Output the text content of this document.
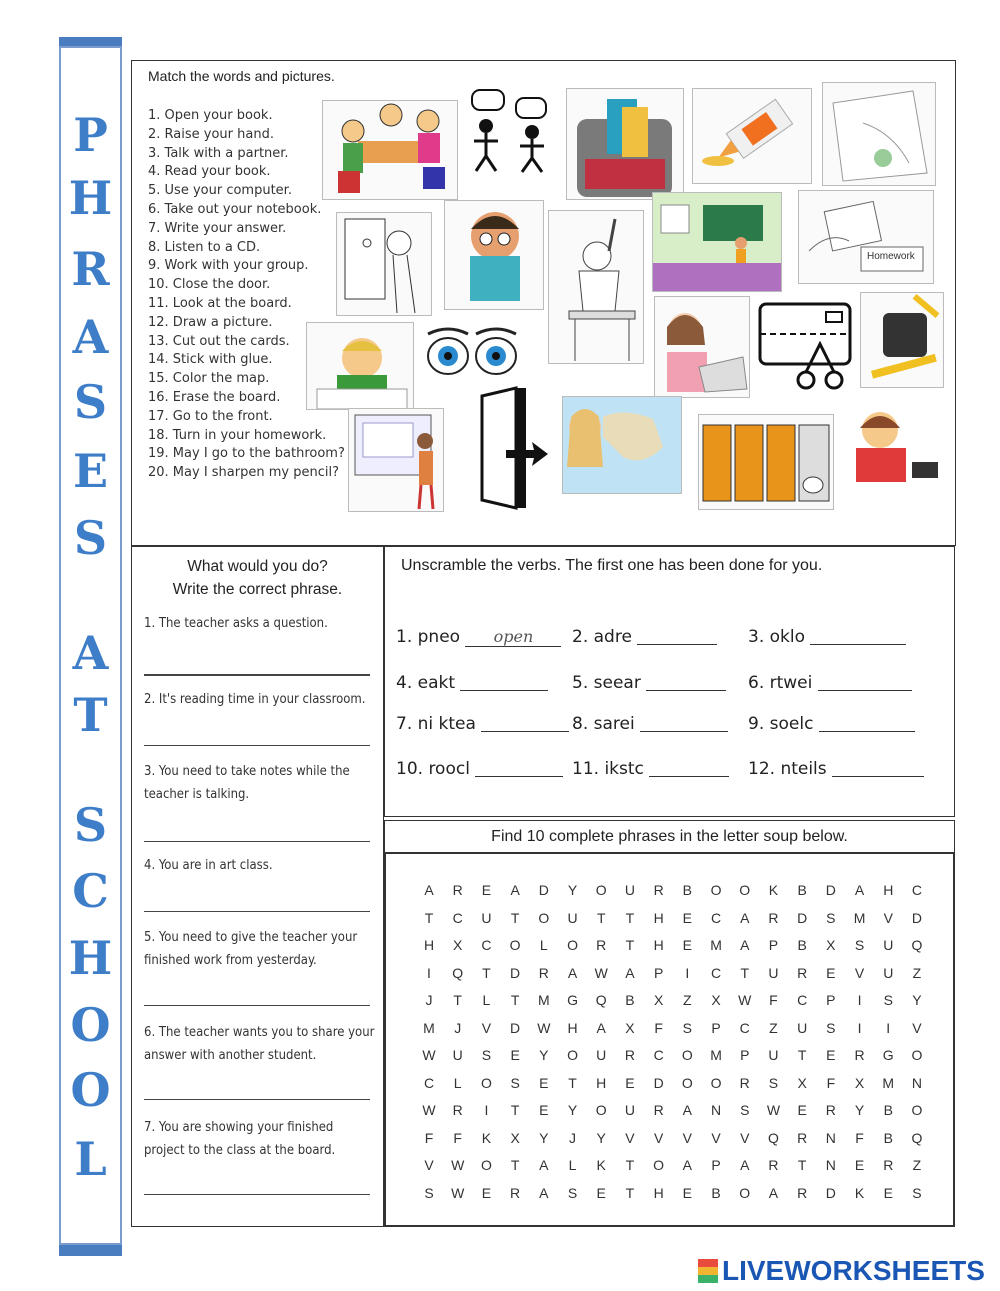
P
H
R
A
S
E
S
A
T
S
C
H
O
O
L
Match the words and pictures.
1. Open your book.
2. Raise your hand.
3. Talk with a partner.
4. Read your book.
5. Use your computer.
6. Take out your notebook.
7. Write your answer.
8. Listen to a CD.
9. Work with your group.
10. Close the door.
11. Look at the board.
12. Draw a picture.
13. Cut out the cards.
14. Stick with glue.
15. Color the map.
16. Erase the board.
17. Go to the front.
18. Turn in your homework.
19. May I go to the bathroom?
20. May I sharpen my pencil?
Homework
What would you do?
Write the correct phrase.
1. The teacher asks a question.
2. It's reading time in your classroom.
3. You need to take notes while the teacher is talking.
4. You are in art class.
5. You need to give the teacher your finished work from yesterday.
6. The teacher wants you to share your answer with another student.
7. You are showing your finished project to the class at the board.
Unscramble the verbs. The first one has been done for you.
1. pneo open	2. adre	3. oklo
4. eakt	5. seear	6. rtwei
7. ni ktea	8. sarei	9. soelc
10. roocl	11. ikstc	12. nteils
Find 10 complete phrases in the letter soup below.
A	R	E	A	D	Y	O	U	R	B	O	O	K	B	D	A	H	C
T	C	U	T	O	U	T	T	H	E	C	A	R	D	S	M	V	D
H	X	C	O	L	O	R	T	H	E	M	A	P	B	X	S	U	Q
I	Q	T	D	R	A	W	A	P	I	C	T	U	R	E	V	U	Z
J	T	L	T	M	G	Q	B	X	Z	X	W	F	C	P	I	S	Y
M	J	V	D	W	H	A	X	F	S	P	C	Z	U	S	I	I	V
W	U	S	E	Y	O	U	R	C	O	M	P	U	T	E	R	G	O
C	L	O	S	E	T	H	E	D	O	O	R	S	X	F	X	M	N
W	R	I	T	E	Y	O	U	R	A	N	S	W	E	R	Y	B	O
F	F	K	X	Y	J	Y	V	V	V	V	V	Q	R	N	F	B	Q
V	W	O	T	A	L	K	T	O	A	P	A	R	T	N	E	R	Z
S	W	E	R	A	S	E	T	H	E	B	O	A	R	D	K	E	S
LIVEWORKSHEETS
